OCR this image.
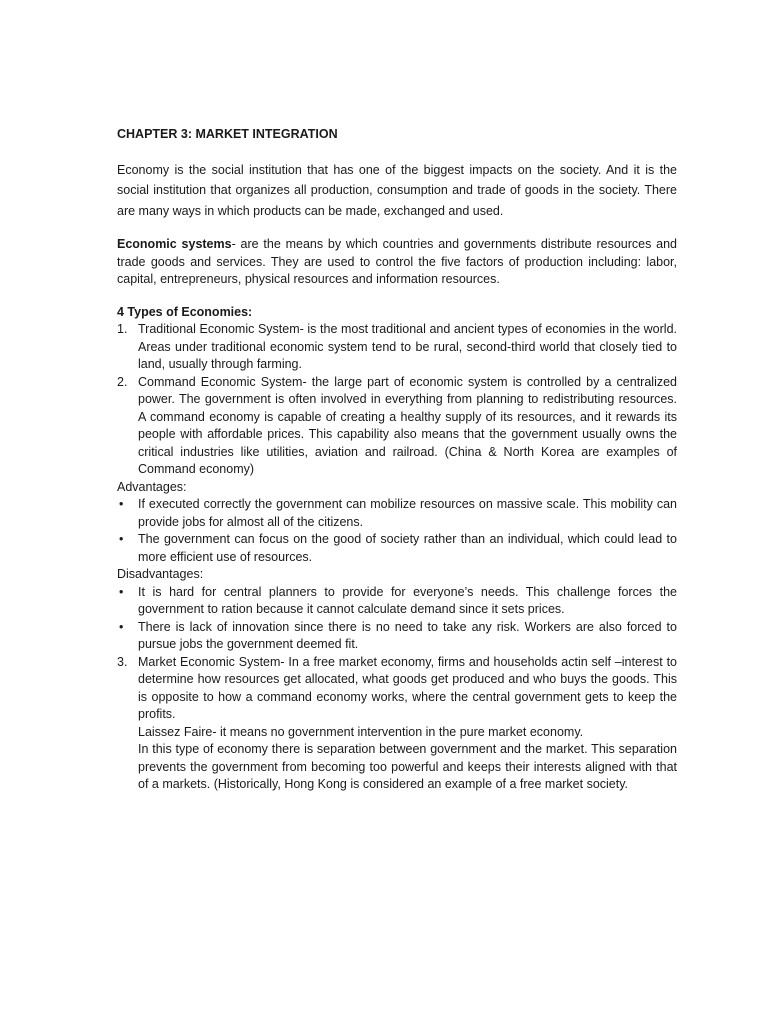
CHAPTER 3: MARKET INTEGRATION

Economy is the social institution that has one of the biggest impacts on the society. And it is the social institution that organizes all production, consumption and trade of goods in the society. There are many ways in which products can be made, exchanged and used.

Economic systems- are the means by which countries and governments distribute resources and trade goods and services. They are used to control the five factors of production including: labor, capital, entrepreneurs, physical resources and information resources.

4 Types of Economies:

1. Traditional Economic System- is the most traditional and ancient types of economies in the world. Areas under traditional economic system tend to be rural, second-third world that closely tied to land, usually through farming.
2. Command Economic System- the large part of economic system is controlled by a centralized power. The government is often involved in everything from planning to redistributing resources. A command economy is capable of creating a healthy supply of its resources, and it rewards its people with affordable prices. This capability also means that the government usually owns the critical industries like utilities, aviation and railroad. (China & North Korea are examples of Command economy)

Advantages:

• If executed correctly the government can mobilize resources on massive scale. This mobility can provide jobs for almost all of the citizens.
• The government can focus on the good of society rather than an individual, which could lead to more efficient use of resources.

Disadvantages:

• It is hard for central planners to provide for everyone’s needs. This challenge forces the government to ration because it cannot calculate demand since it sets prices.
• There is lack of innovation since there is no need to take any risk. Workers are also forced to pursue jobs the government deemed fit.
3. Market Economic System- In a free market economy, firms and households actin self –interest to determine how resources get allocated, what goods get produced and who buys the goods. This is opposite to how a command economy works, where the central government gets to keep the profits.

Laissez Faire- it means no government intervention in the pure market economy.

In this type of economy there is separation between government and the market. This separation prevents the government from becoming too powerful and keeps their interests aligned with that of a markets. (Historically, Hong Kong is considered an example of a free market society.
